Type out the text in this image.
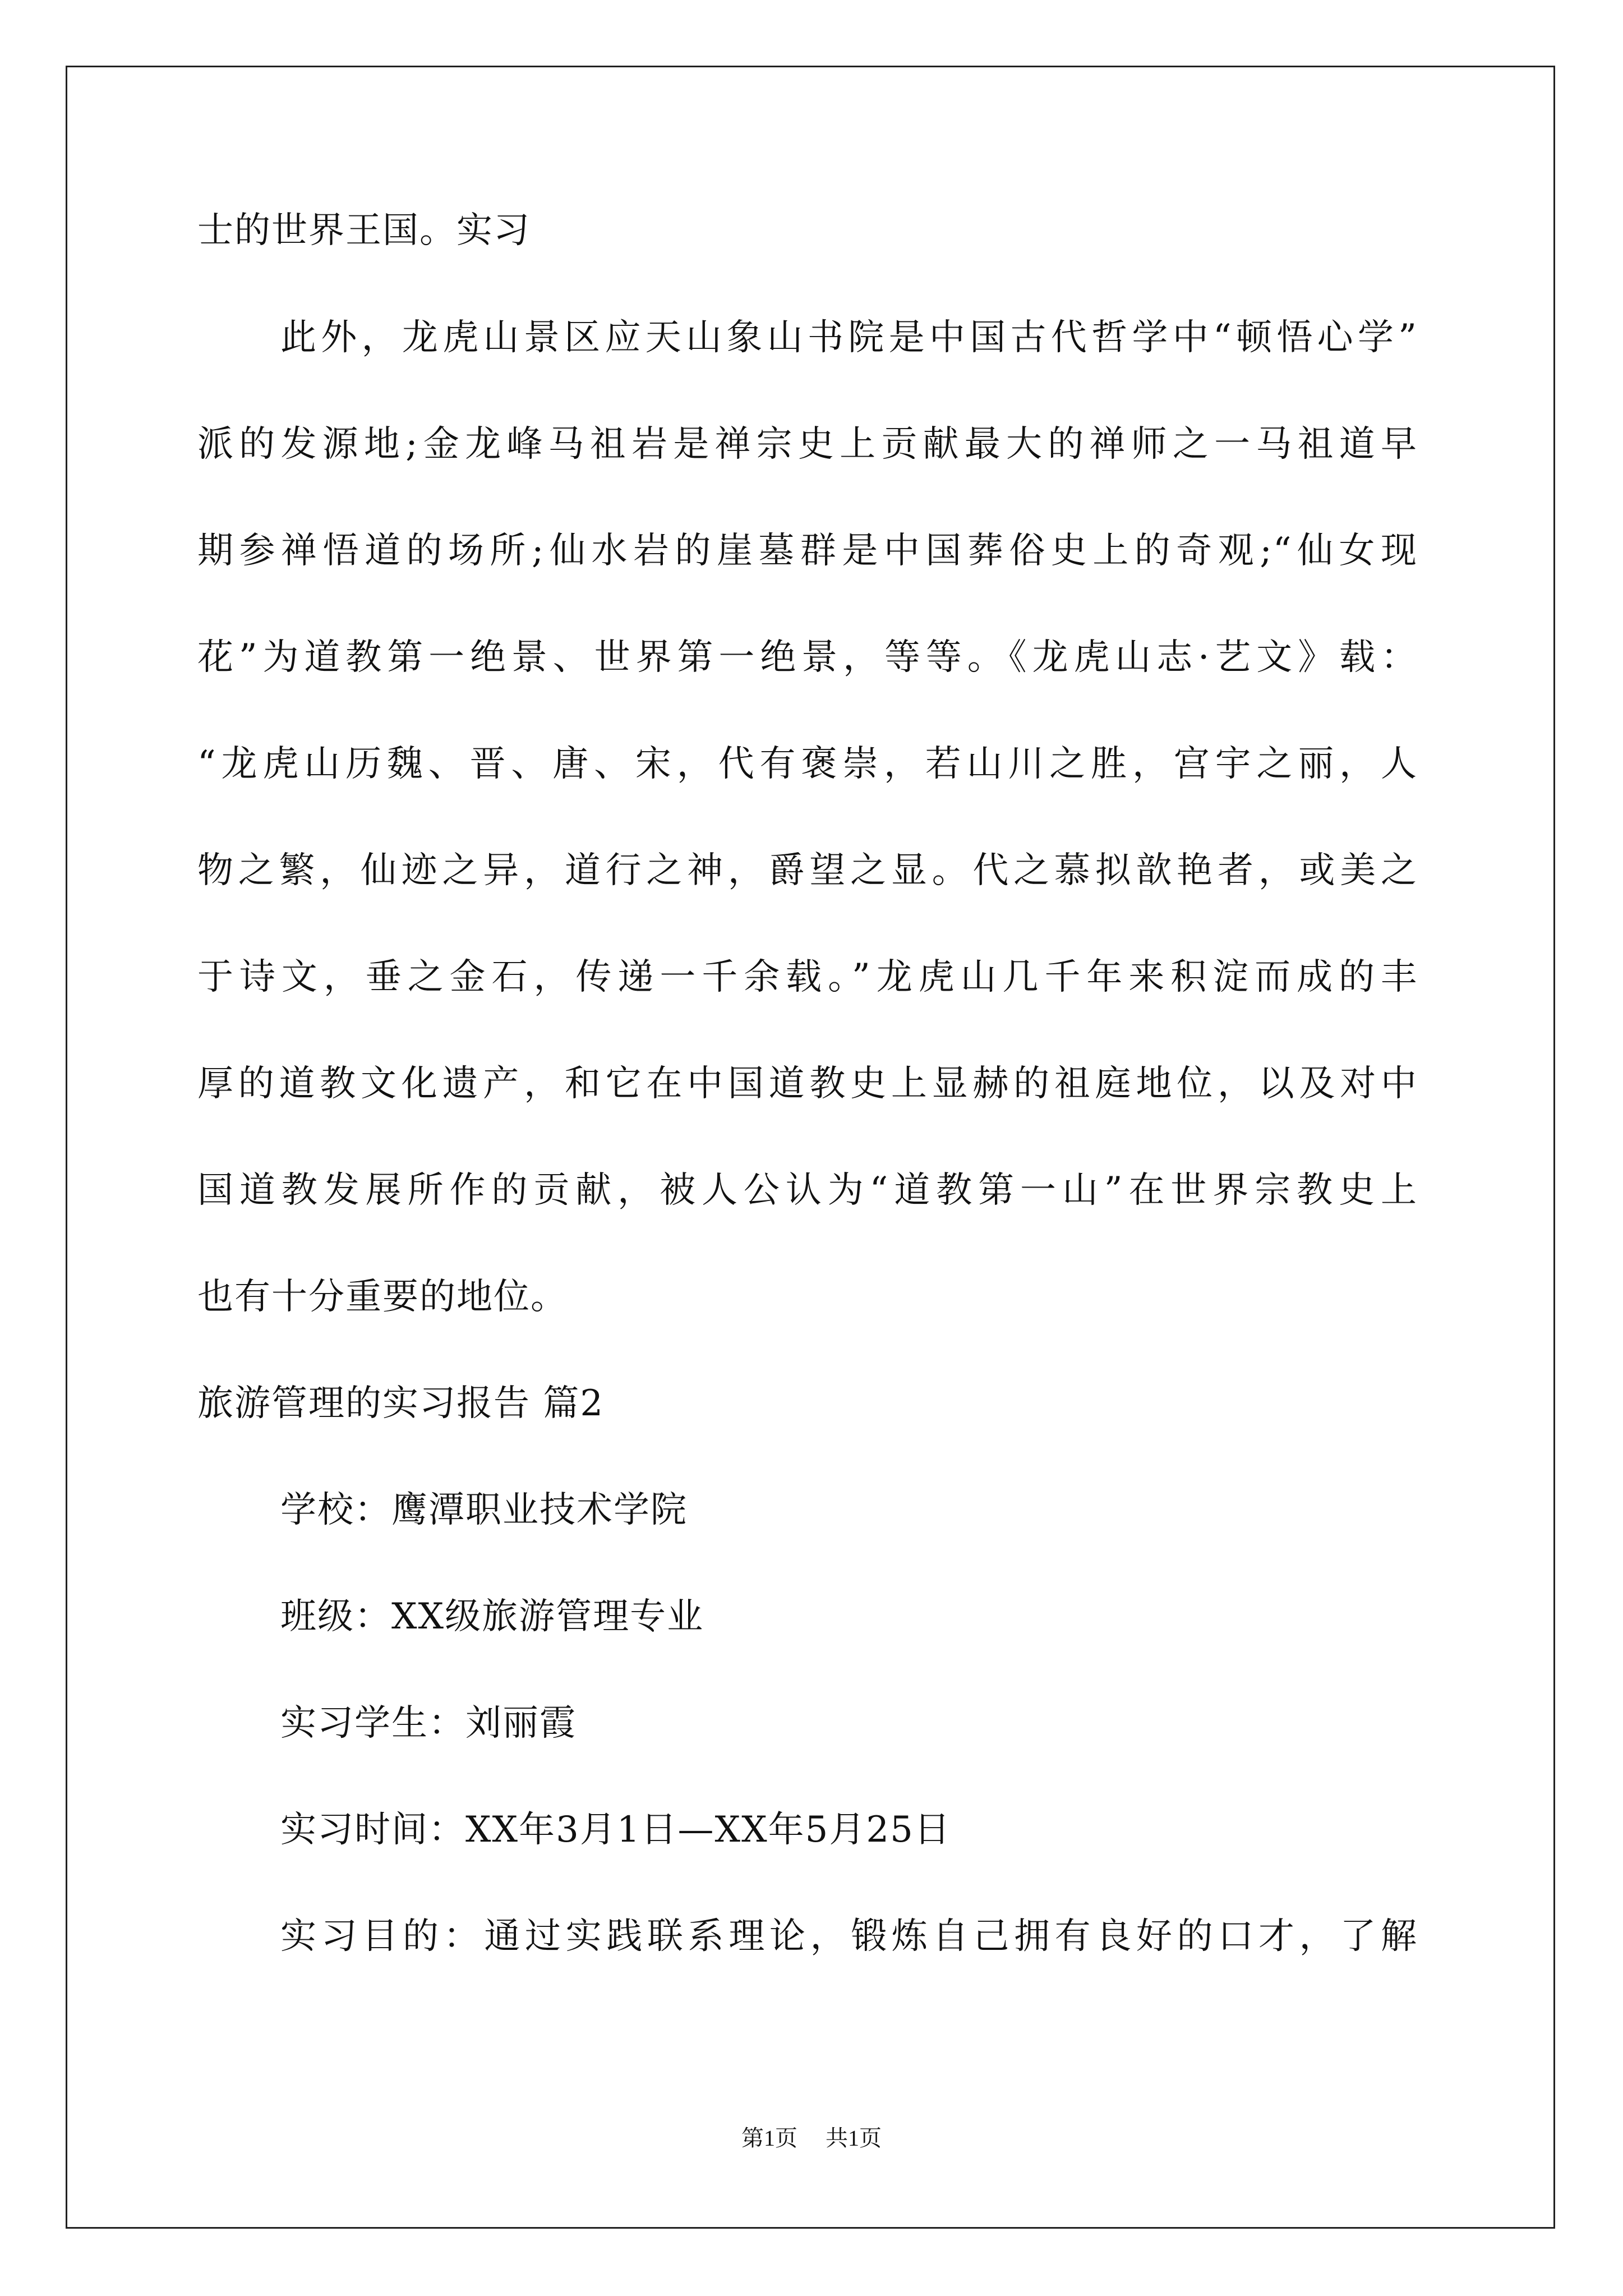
士的世界王国。实习
此外，龙虎山景区应天山象山书院是中国古代哲学中“顿悟心学”
派的发源地;金龙峰马祖岩是禅宗史上贡献最大的禅师之一马祖道早
期参禅悟道的场所;仙水岩的崖墓群是中国葬俗史上的奇观;“仙女现
花”为道教第一绝景、世界第一绝景，等等。《龙虎山志·艺文》载：
“龙虎山历魏、晋、唐、宋，代有褒崇，若山川之胜，宫宇之丽，人
物之繁，仙迹之异，道行之神，爵望之显。代之慕拟歆艳者，或美之
于诗文，垂之金石，传递一千余载。”龙虎山几千年来积淀而成的丰
厚的道教文化遗产，和它在中国道教史上显赫的祖庭地位，以及对中
国道教发展所作的贡献，被人公认为“道教第一山”在世界宗教史上
也有十分重要的地位。
旅游管理的实习报告 篇2
学校：鹰潭职业技术学院
班级：XX级旅游管理专业
实习学生：刘丽霞
实习时间：XX年3月1日—XX年5月25日
实习目的：通过实践联系理论，锻炼自己拥有良好的口才，了解
第1页 共1页
